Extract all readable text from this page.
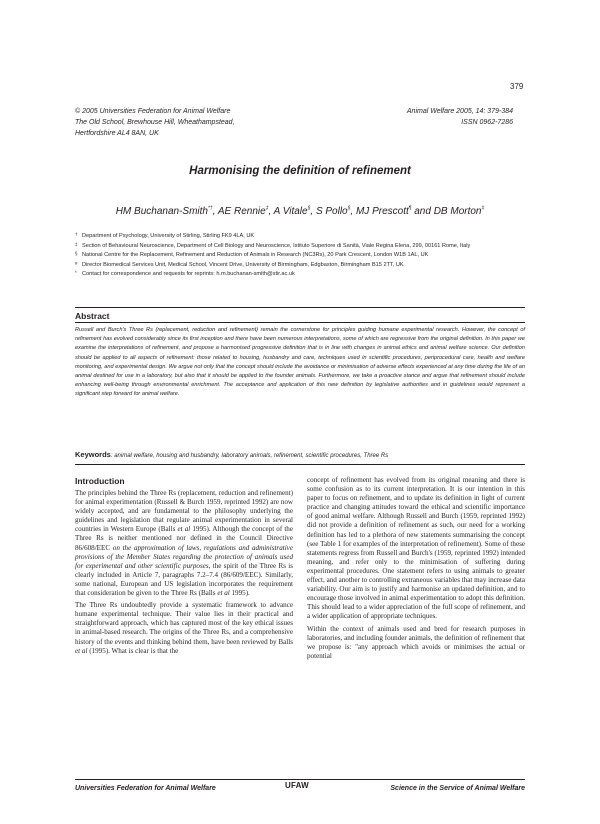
379
© 2005 Universities Federation for Animal Welfare
The Old School, Brewhouse Hill, Wheathampstead,
Hertfordshire AL4 8AN, UK
Animal Welfare 2005, 14: 379-384
ISSN 0962-7286
Harmonising the definition of refinement
HM Buchanan-Smith*†, AE Rennie‡, A Vitale§, S Pollo§, MJ Prescott¶ and DB Morton#
† Department of Psychology, University of Stirling, Stirling FK9 4LA, UK
‡ Section of Behavioural Neuroscience, Department of Cell Biology and Neuroscience, Istituto Superiore di Sanità, Viale Regina Elena, 299, 00161 Rome, Italy
§ National Centre for the Replacement, Refinement and Reduction of Animals in Research (NC3Rs), 20 Park Crescent, London W1B 1AL, UK
# Director Biomedical Services Unit, Medical School, Vincent Drive, University of Birmingham, Edgbaston, Birmingham B15 2TT, UK
* Contact for correspondence and requests for reprints: h.m.buchanan-smith@stir.ac.uk
Abstract
Russell and Burch's Three Rs (replacement, reduction and refinement) remain the cornerstone for principles guiding humane experimental research. However, the concept of refinement has evolved considerably since its first inception and there have been numerous interpretations, some of which are regressive from the original definition. In this paper we examine the interpretations of refinement, and propose a harmonised progressive definition that is in line with changes in animal ethics and animal welfare science. Our definition should be applied to all aspects of refinement: those related to housing, husbandry and care, techniques used in scientific procedures, periprocedural care, health and welfare monitoring, and experimental design. We argue not only that the concept should include the avoidance or minimisation of adverse effects experienced at any time during the life of an animal destined for use in a laboratory, but also that it should be applied to the founder animals. Furthermore, we take a proactive stance and argue that refinement should include enhancing well-being through environmental enrichment. The acceptance and application of this new definition by legislative authorities and in guidelines would represent a significant step forward for animal welfare.
Keywords: animal welfare, housing and husbandry, laboratory animals, refinement, scientific procedures, Three Rs
Introduction

The principles behind the Three Rs (replacement, reduction and refinement) for animal experimentation (Russell & Burch 1959, reprinted 1992) are now widely accepted, and are fundamental to the philosophy underlying the guidelines and legislation that regulate animal experimentation in several countries in Western Europe (Balls et al 1995). Although the concept of the Three Rs is neither mentioned nor defined in the Council Directive 86/608/EEC on the approximation of laws, regulations and administrative provisions of the Member States regarding the protection of animals used for experimental and other scientific purposes, the spirit of the Three Rs is clearly included in Article 7, paragraphs 7.2–7.4 (86/609/EEC). Similarly, some national, European and US legislation incorporates the requirement that consideration be given to the Three Rs (Balls et al 1995).

The Three Rs undoubtedly provide a systematic framework to advance humane experimental technique. Their value lies in their practical and straightforward approach, which has captured most of the key ethical issues in animal-based research. The origins of the Three Rs, and a comprehensive history of the events and thinking behind them, have been reviewed by Balls et al (1995). What is clear is that the

concept of refinement has evolved from its original meaning and there is some confusion as to its current interpretation. It is our intention in this paper to focus on refinement, and to update its definition in light of current practice and changing attitudes toward the ethical and scientific importance of good animal welfare. Although Russell and Burch (1959, reprinted 1992) did not provide a definition of refinement as such, our need for a working definition has led to a plethora of new statements summarising the concept (see Table 1 for examples of the interpretation of refinement). Some of these statements regress from Russell and Burch's (1959, reprinted 1992) intended meaning, and refer only to the minimisation of suffering during experimental procedures. One statement refers to using animals to greater effect, and another to controlling extraneous variables that may increase data variability. Our aim is to justify and harmonise an updated definition, and to encourage those involved in animal experimentation to adopt this definition. This should lead to a wider appreciation of the full scope of refinement, and a wider application of appropriate techniques.

Within the context of animals used and bred for research purposes in laboratories, and including founder animals, the definition of refinement that we propose is: "any approach which avoids or minimises the actual or potential

Universities Federation for Animal Welfare	UFAW	Science in the Service of Animal Welfare
